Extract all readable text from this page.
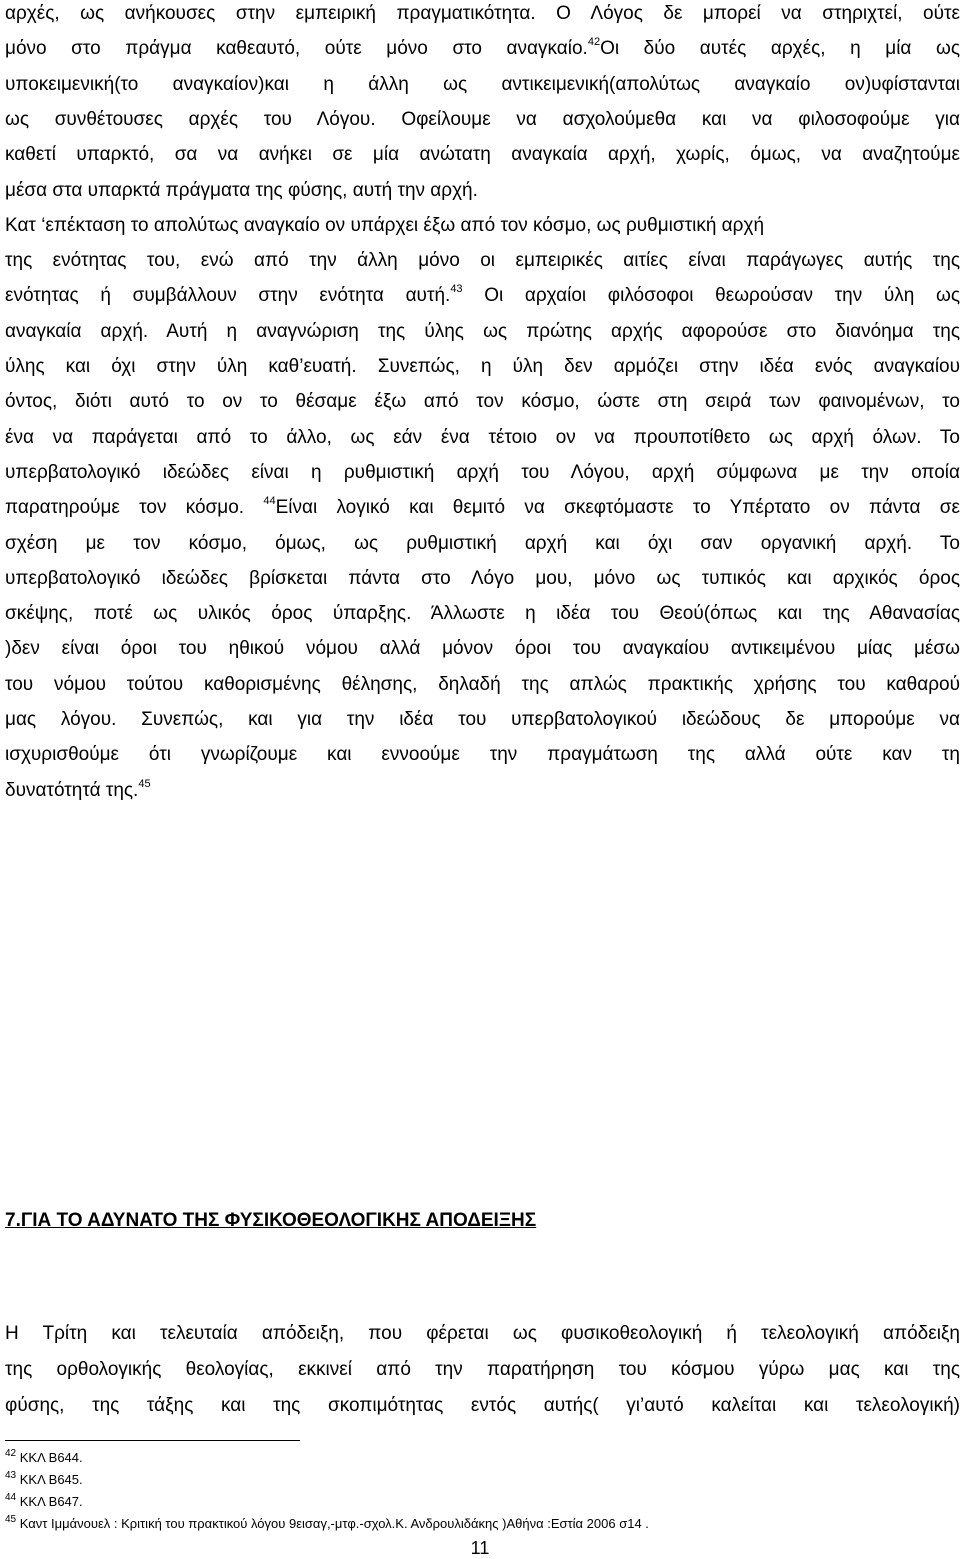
αρχές, ως ανήκουσες στην εμπειρική πραγματικότητα. Ο Λόγος δε μπορεί να στηριχτεί, ούτε
μόνο στο πράγμα καθεαυτό, ούτε μόνο στο αναγκαίο.$^{42}$Οι δύο αυτές αρχές, η μία ως
υποκειμενική(το αναγκαίον)και η άλλη ως αντικειμενική(απολύτως αναγκαίο ον)υφίστανται
ως συνθέτουσες αρχές του Λόγου. Οφείλουμε να ασχολούμεθα και να φιλοσοφούμε για
καθετί υπαρκτό, σα να ανήκει σε μία ανώτατη αναγκαία αρχή, χωρίς, όμως, να αναζητούμε
μέσα στα υπαρκτά πράγματα της φύσης, αυτή την αρχή.
Κατ ‘επέκταση το απολύτως αναγκαίο ον υπάρχει έξω από τον κόσμο, ως ρυθμιστική αρχή
της ενότητας του, ενώ από την άλλη μόνο οι εμπειρικές αιτίες είναι παράγωγες αυτής της
ενότητας ή συμβάλλουν στην ενότητα αυτή.$^{43}$ Οι αρχαίοι φιλόσοφοι θεωρούσαν την ύλη ως
αναγκαία αρχή. Αυτή η αναγνώριση της ύλης ως πρώτης αρχής αφορούσε στο διανόημα της
ύλης και όχι στην ύλη καθ’ευατή. Συνεπώς, η ύλη δεν αρμόζει στην ιδέα ενός αναγκαίου
όντος, διότι αυτό το ον το θέσαμε έξω από τον κόσμο, ώστε στη σειρά των φαινομένων, το
ένα να παράγεται από το άλλο, ως εάν ένα τέτοιο ον να προυποτίθετο ως αρχή όλων. Το
υπερβατολογικό ιδεώδες είναι η ρυθμιστική αρχή του Λόγου, αρχή σύμφωνα με την οποία
παρατηρούμε τον κόσμο. $^{44}$Είναι λογικό και θεμιτό να σκεφτόμαστε το Υπέρτατο ον πάντα σε
σχέση με τον κόσμο, όμως, ως ρυθμιστική αρχή και όχι σαν οργανική αρχή. Το
υπερβατολογικό ιδεώδες βρίσκεται πάντα στο Λόγο μου, μόνο ως τυπικός και αρχικός όρος
σκέψης, ποτέ ως υλικός όρος ύπαρξης. Άλλωστε η ιδέα του Θεού(όπως και της Αθανασίας
)δεν είναι όροι του ηθικού νόμου αλλά μόνον όροι του αναγκαίου αντικειμένου μίας μέσω
του νόμου τούτου καθορισμένης θέλησης, δηλαδή της απλώς πρακτικής χρήσης του καθαρού
μας λόγου. Συνεπώς, και για την ιδέα του υπερβατολογικού ιδεώδους δε μπορούμε να
ισχυρισθούμε ότι γνωρίζουμε και εννοούμε την πραγμάτωση της αλλά ούτε καν τη
δυνατότητά της.$^{45}$
7.ΓΙΑ ΤΟ ΑΔΥΝΑΤΟ ΤΗΣ ΦΥΣΙΚΟΘΕΟΛΟΓΙΚΗΣ ΑΠΟΔΕΙΞΗΣ
Η Τρίτη και τελευταία απόδειξη, που φέρεται ως φυσικοθεολογική ή τελεολογική απόδειξη
της ορθολογικής θεολογίας, εκκινεί από την παρατήρηση του κόσμου γύρω μας και της
φύσης, της τάξης και της σκοπιμότητας εντός αυτής( γι’αυτό καλείται και τελεολογική)
$^{42}$ ΚΚΛ Β644.
$^{43}$ ΚΚΛ Β645.
$^{44}$ ΚΚΛ Β647.
$^{45}$ Καντ Ιμμάνουελ : Κριτική του πρακτικού λόγου 9εισαγ,-μτφ.-σχολ.Κ. Ανδρουλιδάκης )Αθήνα :Εστία 2006 σ14 .
11
